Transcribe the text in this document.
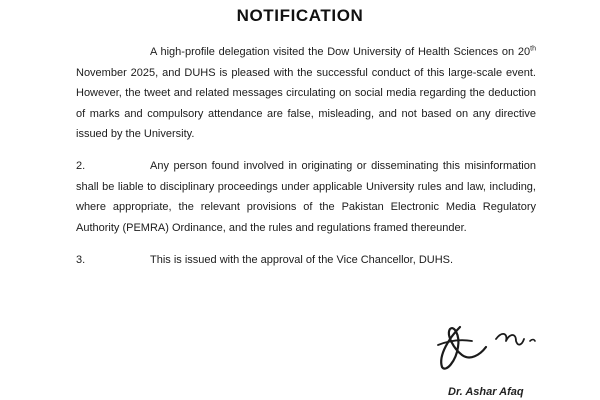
NOTIFICATION
A high-profile delegation visited the Dow University of Health Sciences on 20th November 2025, and DUHS is pleased with the successful conduct of this large-scale event. However, the tweet and related messages circulating on social media regarding the deduction of marks and compulsory attendance are false, misleading, and not based on any directive issued by the University.
2.	Any person found involved in originating or disseminating this misinformation shall be liable to disciplinary proceedings under applicable University rules and law, including, where appropriate, the relevant provisions of the Pakistan Electronic Media Regulatory Authority (PEMRA) Ordinance, and the rules and regulations framed thereunder.
3.	This is issued with the approval of the Vice Chancellor, DUHS.
Dr. Ashar Afaq
